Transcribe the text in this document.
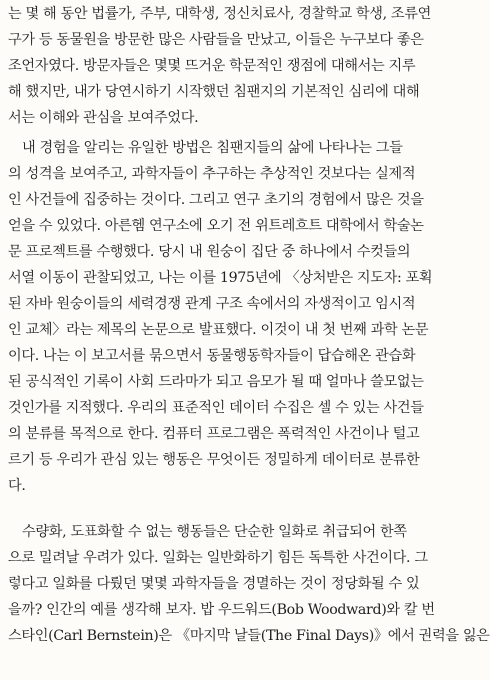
는 몇 해 동안 법률가, 주부, 대학생, 정신치료사, 경찰학교 학생, 조류연
구가 등 동물원을 방문한 많은 사람들을 만났고, 이들은 누구보다 좋은
조언자였다. 방문자들은 몇몇 뜨거운 학문적인 쟁점에 대해서는 지루
해 했지만, 내가 당연시하기 시작했던 침팬지의 기본적인 심리에 대해
서는 이해와 관심을 보여주었다.
내 경험을 알리는 유일한 방법은 침팬지들의 삶에 나타나는 그들
의 성격을 보여주고, 과학자들이 추구하는 추상적인 것보다는 실제적
인 사건들에 집중하는 것이다. 그리고 연구 초기의 경험에서 많은 것을
얻을 수 있었다. 아른헴 연구소에 오기 전 위트레흐트 대학에서 학술논
문 프로젝트를 수행했다. 당시 내 원숭이 집단 중 하나에서 수컷들의
서열 이동이 관찰되었고, 나는 이를 1975년에 〈상처받은 지도자: 포획
된 자바 원숭이들의 세력경쟁 관계 구조 속에서의 자생적이고 임시적
인 교체〉라는 제목의 논문으로 발표했다. 이것이 내 첫 번째 과학 논문
이다. 나는 이 보고서를 묶으면서 동물행동학자들이 답습해온 관습화
된 공식적인 기록이 사회 드라마가 되고 음모가 될 때 얼마나 쓸모없는
것인가를 지적했다. 우리의 표준적인 데이터 수집은 셀 수 있는 사건들
의 분류를 목적으로 한다. 컴퓨터 프로그램은 폭력적인 사건이나 털고
르기 등 우리가 관심 있는 행동은 무엇이든 정밀하게 데이터로 분류한
다.
수량화, 도표화할 수 없는 행동들은 단순한 일화로 취급되어 한쪽
으로 밀려날 우려가 있다. 일화는 일반화하기 힘든 독특한 사건이다. 그
렇다고 일화를 다뤘던 몇몇 과학자들을 경멸하는 것이 정당화될 수 있
을까? 인간의 예를 생각해 보자. 밥 우드워드(Bob Woodward)와 칼 번
스타인(Carl Bernstein)은 《마지막 날들(The Final Days)》에서 권력을 잃은
